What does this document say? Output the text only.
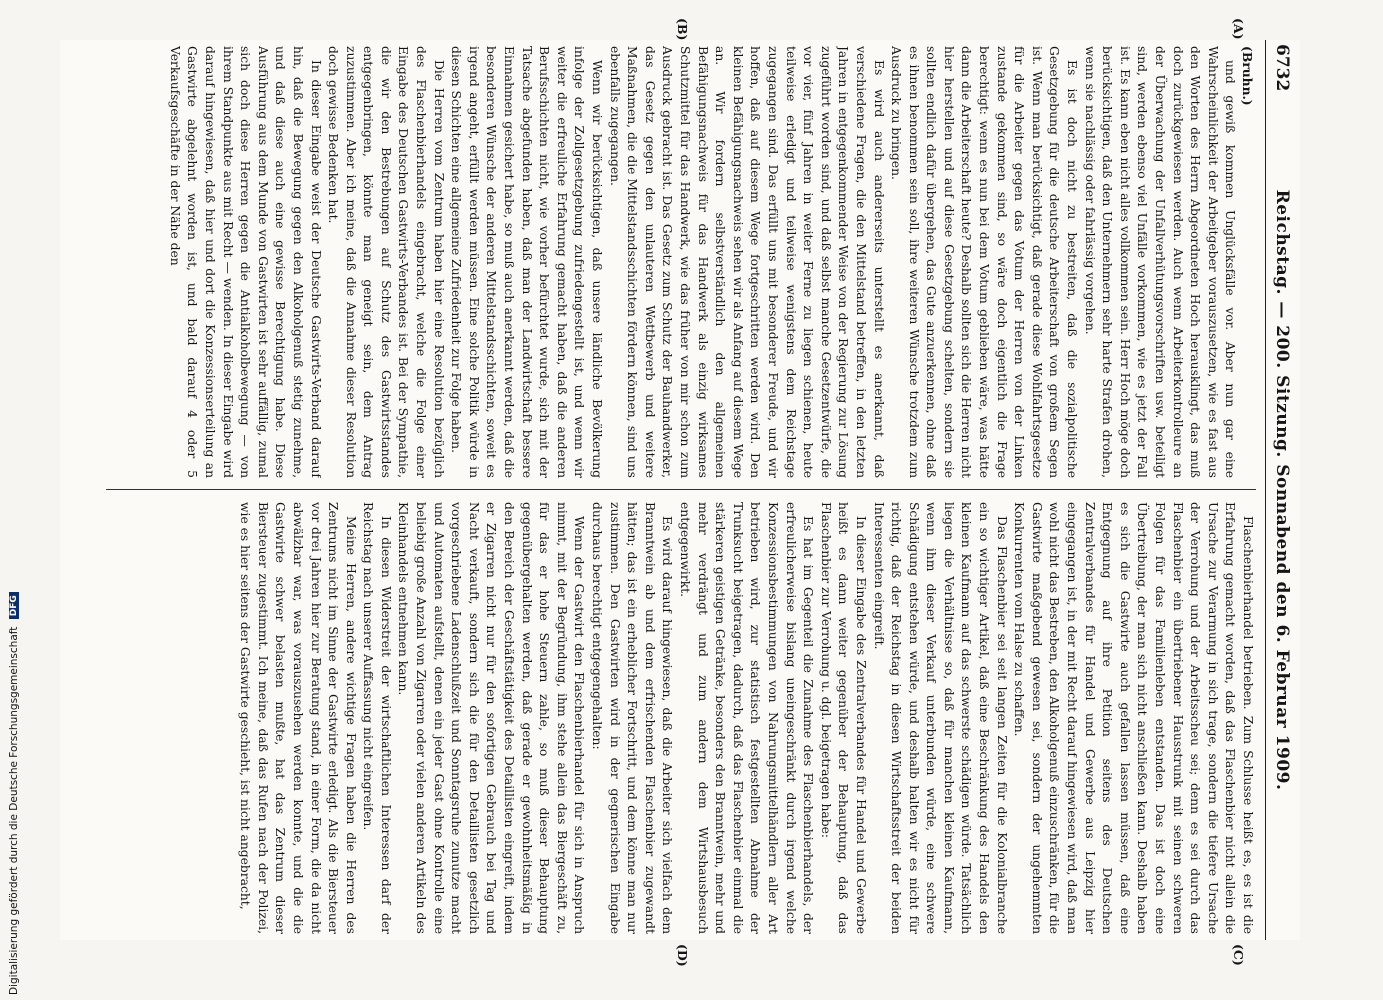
6732
Reichstag. — 200. Sitzung. Sonnabend den 6. Februar 1909.
(A)
(B)
(C)
(D)

(Bruhn.)

und gewiß kommen Unglücksfälle vor. Aber nun gar eine Wahrscheinlichkeit der Arbeitgeber vorauszusetzen, wie es fast aus den Worten des Herrn Abgeordneten Hoch herausklingt, das muß doch zurückgewiesen werden. Auch wenn Arbeiterkontrolleure an der Überwachung der Unfallverhütungsvorschriften usw. beteiligt sind, werden ebenso viel Unfälle vorkommen, wie es jetzt der Fall ist. Es kann eben nicht alles vollkommen sein. Herr Hoch möge doch berücksichtigen, daß den Unternehmern sehr harte Strafen drohen, wenn sie nachlässig oder fahrlässig vorgehen.

Es ist doch nicht zu bestreiten, daß die sozialpolitische Gesetzgebung für die deutsche Arbeiterschaft von großem Segen ist. Wenn man berücksichtigt, daß gerade diese Wohlfahrtsgesetze für die Arbeiter gegen das Votum der Herren von der Linken zustande gekommen sind, so wäre doch eigentlich die Frage berechtigt: wenn es nun bei dem Votum geblieben wäre, was hätte dann die Arbeiterschaft heute? Deshalb sollten sich die Herren nicht hier herstellen und auf diese Gesetzgebung schelten, sondern sie sollten endlich dafür übergehen, das Gute anzuerkennen, ohne daß es ihnen benommen sein soll, ihre weiteren Wünsche trotzdem zum Ausdruck zu bringen.

Es wird auch andererseits unterstellt es anerkannt, daß verschiedene Fragen, die den Mittelstand betreffen, in den letzten Jahren in entgegenkommender Weise von der Regierung zur Lösung zugeführt worden sind, und daß selbst manche Gesetzentwürfe, die vor vier, fünf Jahren in weiter Ferne zu liegen schienen, heute teilweise erledigt und teilweise wenigstens dem Reichstage zugegangen sind. Das erfüllt uns mit besonderer Freude, und wir hoffen, daß auf diesem Wege fortgeschritten werden wird. Den kleinen Befähigungsnachweis sehen wir als Anfang auf diesem Wege an. Wir fordern selbstverständlich den allgemeinen Befähigungsnachweis für das Handwerk als einzig wirksames Schutzmittel für das Handwerk, wie das früher von mir schon zum Ausdruck gebracht ist. Das Gesetz zum Schutz der Bauhandwerker, das Gesetz gegen den unlauteren Wettbewerb und weitere Maßnahmen, die die Mittelstandsschichten fördern können, sind uns ebenfalls zugegangen.

Wenn wir berücksichtigen, daß unsere ländliche Bevölkerung infolge der Zollgesetzgebung zufriedengestellt ist, und wenn wir weiter die erfreuliche Erfahrung gemacht haben, daß die anderen Berufsschichten nicht, wie vorher befürchtet wurde, sich mit der Tatsache abgefunden haben, daß man der Landwirtschaft bessere Einnahmen gesichert habe, so muß auch anerkannt werden, daß die besonderen Wünsche der anderen Mittelstandsschichten, soweit es irgend angeht, erfüllt werden müssen. Eine solche Politik würde in diesen Schichten eine allgemeine Zufriedenheit zur Folge haben.

Die Herren vom Zentrum haben hier eine Resolution bezüglich des Flaschenbierhandels eingebracht, welche die Folge einer Eingabe des Deutschen Gastwirts-Verbandes ist. Bei der Sympathie, die wir den Bestrebungen auf Schutz des Gastwirtsstandes entgegenbringen, könnte man geneigt sein, dem Antrag zuzustimmen. Aber ich meine, daß die Annahme dieser Resolution doch gewisse Bedenken hat.

In dieser Eingabe weist der Deutsche Gastwirts-Verband darauf hin, daß die Bewegung gegen den Alkoholgenuß stetig zunehme, und daß diese auch eine gewisse Berechtigung habe. Diese Ausführung aus dem Munde von Gastwirten ist sehr auffällig, zumal sich doch diese Herren gegen die Antialkoholbewegung — von ihrem Standpunkte aus mit Recht — wenden. In dieser Eingabe wird darauf hingewiesen, daß hier und dort die Konzessionserteilung an Gastwirte abgelehnt worden ist, und bald darauf 4 oder 5 Verkaufsgeschäfte in der Nähe den

Flaschenbierhandel betrieben. Zum Schlusse heißt es, es ist die Erfahrung gemacht worden, daß das Flaschenbier nicht allein die Ursache zur Verarmung in sich trage, sondern die tiefere Ursache der Verrohung und der Arbeitsscheu sei; denn es sei durch das Flaschenbier ein übertriebener Hausstrunk mit seinen schweren Folgen für das Familienleben entstanden. Das ist doch eine Übertreibung, der man sich nicht anschließen kann. Deshalb haben es sich die Gastwirte auch gefallen lassen müssen, daß eine Entgegnung auf ihre Petition seitens des Deutschen Zentralverbandes für Handel und Gewerbe aus Leipzig hier eingegangen ist, in der mit Recht darauf hingewiesen wird, daß man wohl nicht das Bestreben, den Alkoholgenuß einzuschränken, für die Gastwirte maßgebend gewesen sei, sondern der ungehemmten Konkurrenten vom Halse zu schaffen.

Das Flaschenbier sei seit langen Zeiten für die Kolonialbranche ein so wichtiger Artikel, daß eine Beschränkung des Handels den kleinen Kaufmann auf das schwerste schädigen würde. Tatsächlich liegen die Verhältnisse so, daß für manchen kleinen Kaufmann, wenn ihm dieser Verkauf unterbunden würde, eine schwere Schädigung entstehen würde, und deshalb halten wir es nicht für richtig, daß der Reichstag in diesen Wirtschaftsstreit der beiden Interessenten eingreift.

In dieser Eingabe des Zentralverbandes für Handel und Gewerbe heißt es dann weiter gegenüber der Behauptung, daß das Flaschenbier zur Verrohung u. dgl. beigetragen habe:

Es hat im Gegenteil die Zunahme des Flaschenbierhandels, der erfreulicherweise bislang uneingeschränkt durch irgend welche Konzessionsbestimmungen von Nahrungsmittelhändlern aller Art betrieben wird, zur statistisch festgestellten Abnahme der Trunksucht beigetragen, dadurch, daß das Flaschenbier einmal die stärkeren geistigen Getränke, besonders den Branntwein, mehr und mehr verdrängt und zum andern dem Wirtshausbesuch entgegenwirkt.

Es wird darauf hingewiesen, daß die Arbeiter sich vielfach dem Branntwein ab und dem erfrischenden Flaschenbier zugewandt hätten; das ist ein erheblicher Fortschritt, und dem könne man nur zustimmen. Den Gastwirten wird in der gegnerischen Eingabe durchaus berechtigt entgegengehalten:

Wenn der Gastwirt den Flaschenbierhandel für sich in Anspruch nimmt, mit der Begründung, ihm stehe allein das Biergeschäft zu, für das er hohe Steuern zahle, so muß dieser Behauptung gegenübergehalten werden, daß gerade er gewohnheitsmäßig in den Bereich der Geschäftstätigkeit des Detaillisten eingreift, indem er Zigarren nicht nur für den sofortigen Gebrauch bei Tag und Nacht verkauft, sondern sich die für den Detaillisten gesetzlich vorgeschriebene Ladenschlußzeit und Sonntagsruhe zunutze macht und Automaten aufstellt, denen ein jeder Gast ohne Kontrolle eine beliebig große Anzahl von Zigarren oder vielen anderen Artikeln des Kleinhandels entnehmen kann.

In diesen Widerstreit der wirtschaftlichen Interessen darf der Reichstag nach unserer Auffassung nicht eingreifen.

Meine Herren, andere wichtige Fragen haben die Herren des Zentrums nicht im Sinne der Gastwirte erledigt. Als die Biersteuer vor drei Jahren hier zur Beratung stand, in einer Form, die da nicht abwälzbar war, was vorauszusehen werden konnte, und die die Gastwirte schwer belasten mußte, hat das Zentrum dieser Biersteuer zugestimmt. Ich meine, daß das Rufen nach der Polizei, wie es hier seitens der Gastwirte geschieht, ist nicht angebracht,

Digitalisierung gefördert durch die Deutsche Forschungsgemeinschaft DFG
